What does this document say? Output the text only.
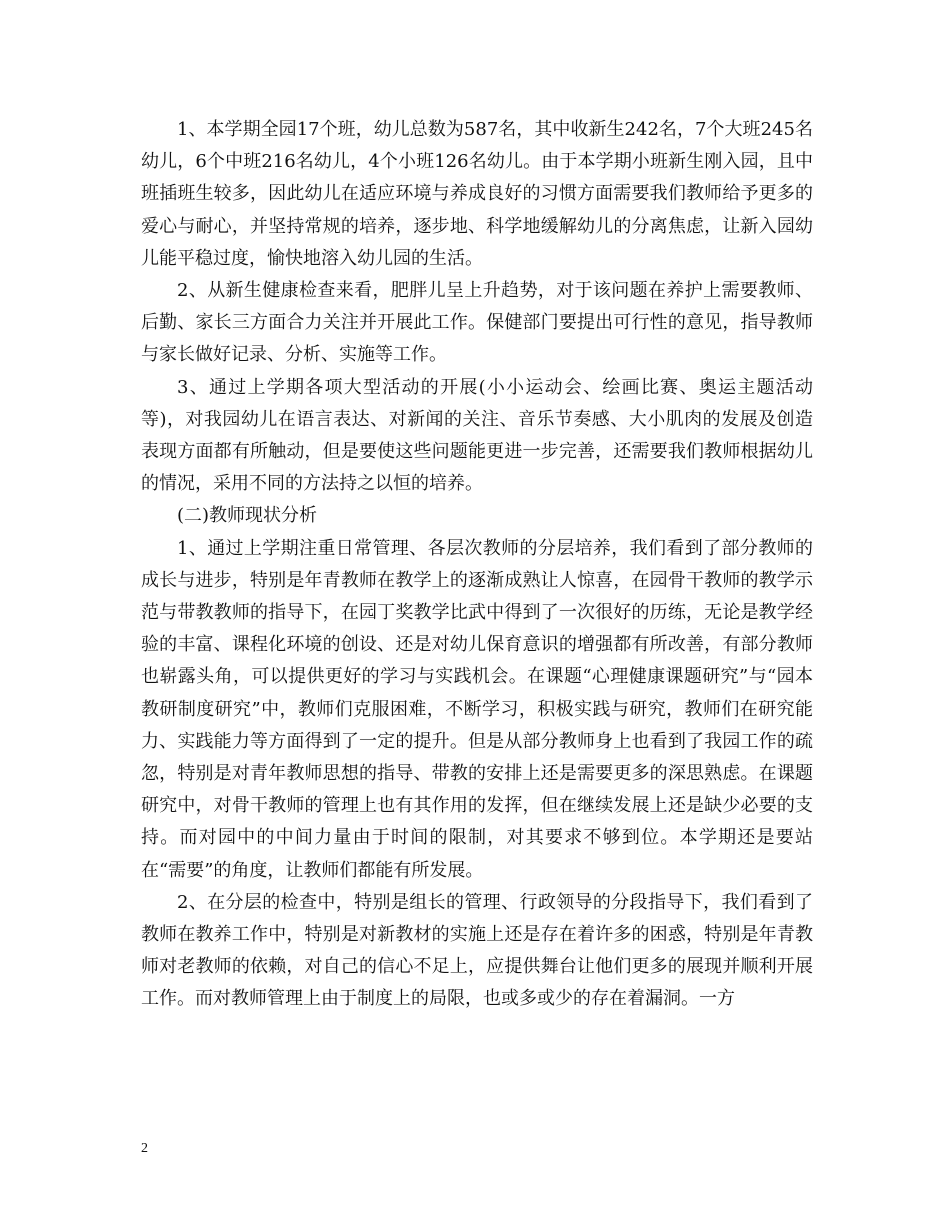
1、本学期全园17个班，幼儿总数为587名，其中收新生242名，7个大班245名幼儿，6个中班216名幼儿，4个小班126名幼儿。由于本学期小班新生刚入园，且中班插班生较多，因此幼儿在适应环境与养成良好的习惯方面需要我们教师给予更多的爱心与耐心，并坚持常规的培养，逐步地、科学地缓解幼儿的分离焦虑，让新入园幼儿能平稳过度，愉快地溶入幼儿园的生活。

2、从新生健康检查来看，肥胖儿呈上升趋势，对于该问题在养护上需要教师、后勤、家长三方面合力关注并开展此工作。保健部门要提出可行性的意见，指导教师与家长做好记录、分析、实施等工作。

3、通过上学期各项大型活动的开展(小小运动会、绘画比赛、奥运主题活动等)，对我园幼儿在语言表达、对新闻的关注、音乐节奏感、大小肌肉的发展及创造表现方面都有所触动，但是要使这些问题能更进一步完善，还需要我们教师根据幼儿的情况，采用不同的方法持之以恒的培养。

(二)教师现状分析

1、通过上学期注重日常管理、各层次教师的分层培养，我们看到了部分教师的成长与进步，特别是年青教师在教学上的逐渐成熟让人惊喜，在园骨干教师的教学示范与带教教师的指导下，在园丁奖教学比武中得到了一次很好的历练，无论是教学经验的丰富、课程化环境的创设、还是对幼儿保育意识的增强都有所改善，有部分教师也崭露头角，可以提供更好的学习与实践机会。在课题“心理健康课题研究”与“园本教研制度研究”中，教师们克服困难，不断学习，积极实践与研究，教师们在研究能力、实践能力等方面得到了一定的提升。但是从部分教师身上也看到了我园工作的疏忽，特别是对青年教师思想的指导、带教的安排上还是需要更多的深思熟虑。在课题研究中，对骨干教师的管理上也有其作用的发挥，但在继续发展上还是缺少必要的支持。而对园中的中间力量由于时间的限制，对其要求不够到位。本学期还是要站在“需要”的角度，让教师们都能有所发展。

2、在分层的检查中，特别是组长的管理、行政领导的分段指导下，我们看到了教师在教养工作中，特别是对新教材的实施上还是存在着许多的困惑，特别是年青教师对老教师的依赖，对自己的信心不足上，应提供舞台让他们更多的展现并顺利开展工作。而对教师管理上由于制度上的局限，也或多或少的存在着漏洞。一方

2
